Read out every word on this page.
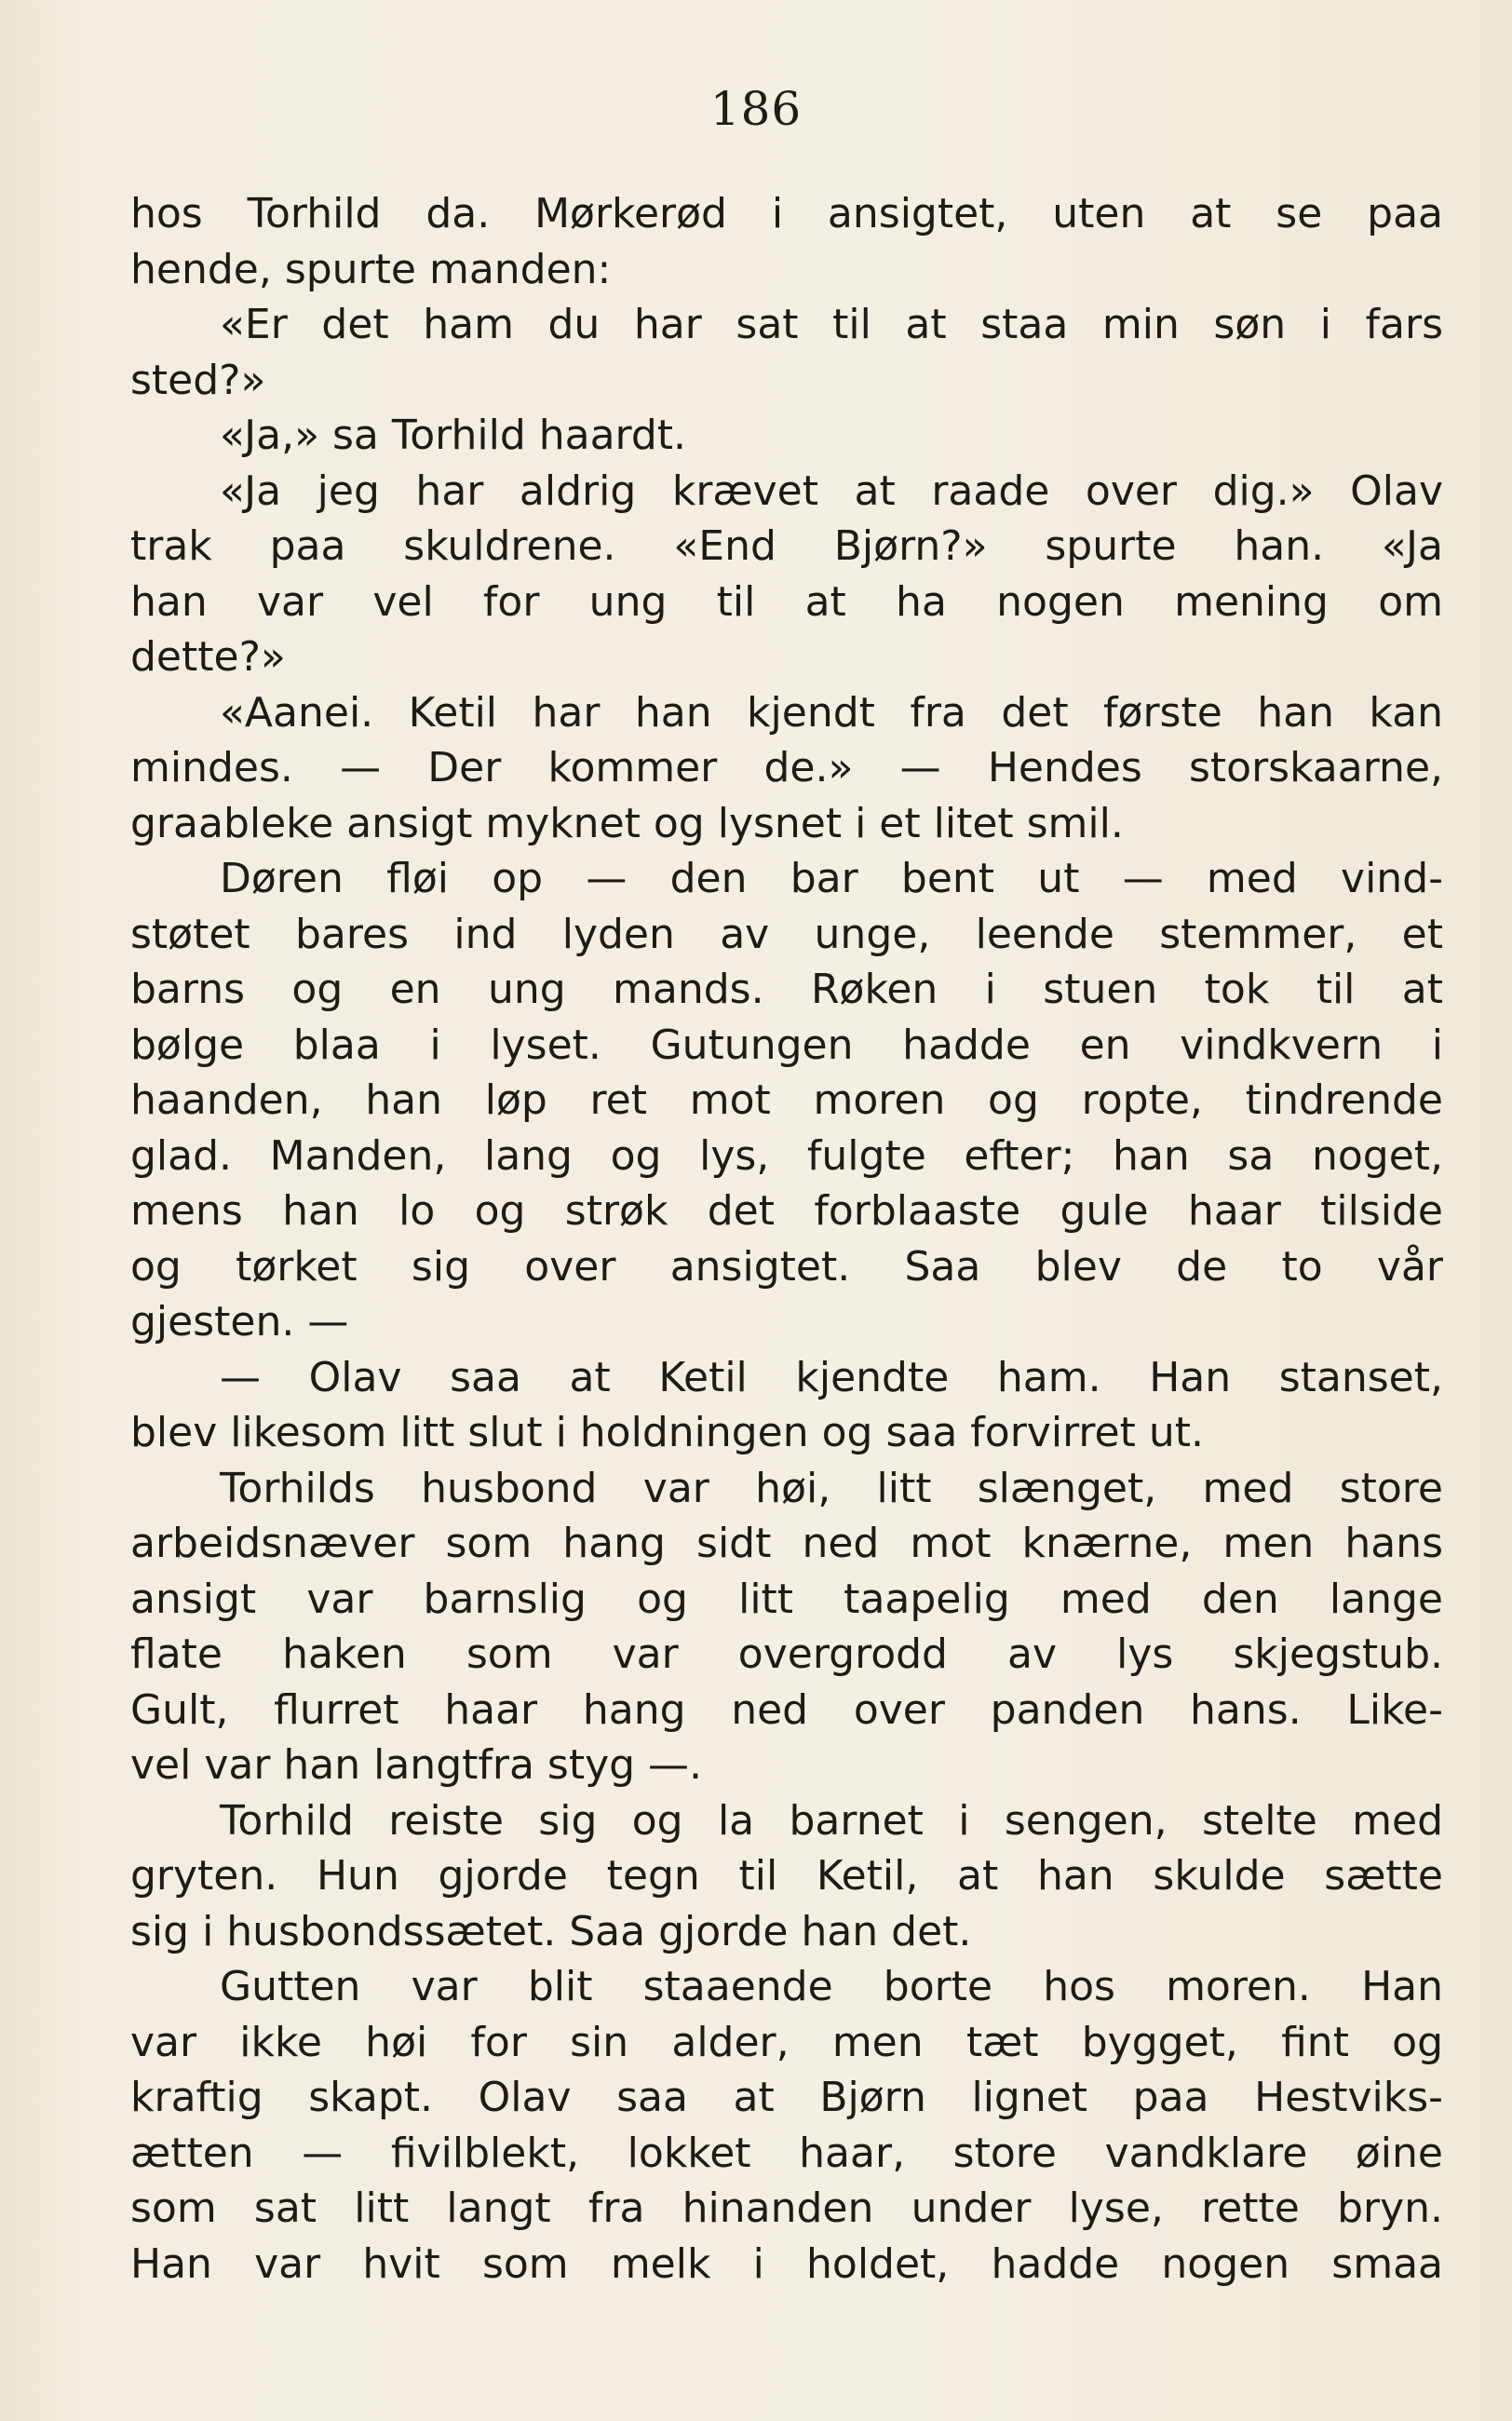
186
hos Torhild da. Mørkerød i ansigtet, uten at se paa
hende, spurte manden:
«Er det ham du har sat til at staa min søn i fars
sted?»
«Ja,» sa Torhild haardt.
«Ja jeg har aldrig krævet at raade over dig.» Olav
trak paa skuldrene. «End Bjørn?» spurte han. «Ja
han var vel for ung til at ha nogen mening om
dette?»
«Aanei. Ketil har han kjendt fra det første han kan
mindes. — Der kommer de.» — Hendes storskaarne,
graableke ansigt myknet og lysnet i et litet smil.
Døren fløi op — den bar bent ut — med vind-
støtet bares ind lyden av unge, leende stemmer, et
barns og en ung mands. Røken i stuen tok til at
bølge blaa i lyset. Gutungen hadde en vindkvern i
haanden, han løp ret mot moren og ropte, tindrende
glad. Manden, lang og lys, fulgte efter; han sa noget,
mens han lo og strøk det forblaaste gule haar tilside
og tørket sig over ansigtet. Saa blev de to vår
gjesten. —
— Olav saa at Ketil kjendte ham. Han stanset,
blev likesom litt slut i holdningen og saa forvirret ut.
Torhilds husbond var høi, litt slænget, med store
arbeidsnæver som hang sidt ned mot knærne, men hans
ansigt var barnslig og litt taapelig med den lange
flate haken som var overgrodd av lys skjegstub.
Gult, flurret haar hang ned over panden hans. Like-
vel var han langtfra styg —.
Torhild reiste sig og la barnet i sengen, stelte med
gryten. Hun gjorde tegn til Ketil, at han skulde sætte
sig i husbondssætet. Saa gjorde han det.
Gutten var blit staaende borte hos moren. Han
var ikke høi for sin alder, men tæt bygget, fint og
kraftig skapt. Olav saa at Bjørn lignet paa Hestviks-
ætten — fivilblekt, lokket haar, store vandklare øine
som sat litt langt fra hinanden under lyse, rette bryn.
Han var hvit som melk i holdet, hadde nogen smaa
